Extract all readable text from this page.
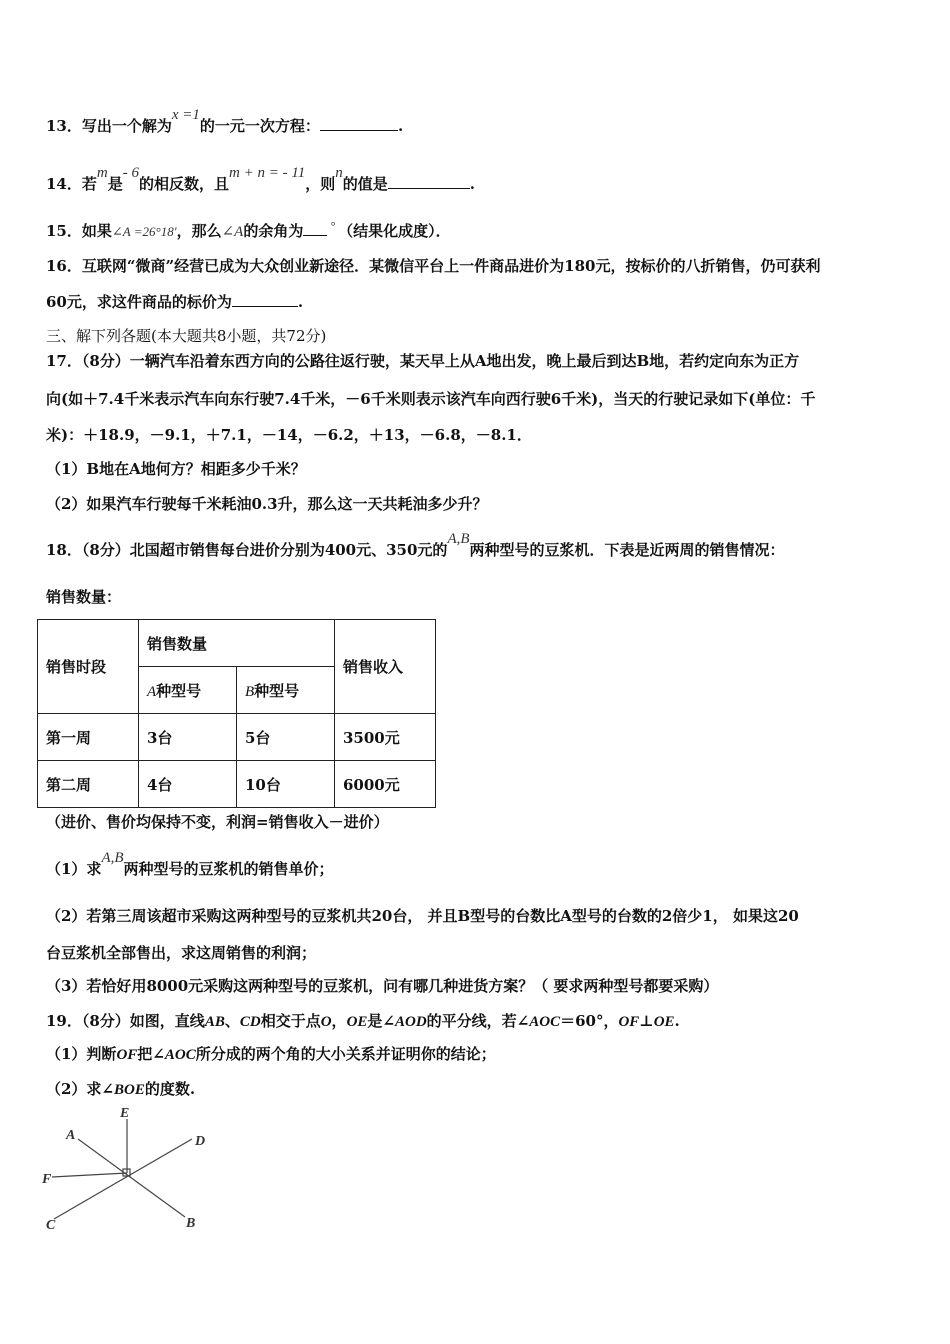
13．写出一个解为x =1的一元一次方程：	.
14．若m是- 6的相反数，且m + n = - 11，则n的值是	.
15．如果∠A =26°18′，那么∠A的余角为 ° （结果化成度）．
16．互联网“微商”经营已成为大众创业新途径．某微信平台上一件商品进价为180元，按标价的八折销售，仍可获利
60元，求这件商品的标价为	.
三、解下列各题(本大题共8小题，共72分)
17．（8分）一辆汽车沿着东西方向的公路往返行驶，某天早上从A地出发，晚上最后到达B地，若约定向东为正方
向(如＋7.4千米表示汽车向东行驶7.4千米，－6千米则表示该汽车向西行驶6千米)，当天的行驶记录如下(单位：千
米)：＋18.9，－9.1，＋7.1，－14，－6.2，＋13，－6.8，－8.1．
（1）B地在A地何方？相距多少千米？
（2）如果汽车行驶每千米耗油0.3升，那么这一天共耗油多少升？
18．（8分）北国超市销售每台进价分别为400元、350元的A,B两种型号的豆浆机．下表是近两周的销售情况：
销售数量：
销售时段	销售数量		销售收入
	A种型号	B种型号	
第一周	3台	5台	3500元
第二周	4台	10台	6000元
（进价、售价均保持不变，利润=销售收入－进价）
（1）求A,B两种型号的豆浆机的销售单价；
（2）若第三周该超市采购这两种型号的豆浆机共20台， 并且B型号的台数比A型号的台数的2倍少1， 如果这20
台豆浆机全部售出，求这周销售的利润；
（3）若恰好用8000元采购这两种型号的豆浆机，问有哪几种进货方案？（ 要求两种型号都要采购）
19．（8分）如图，直线AB、CD相交于点O，OE是∠AOD的平分线，若∠AOC＝60°，OF⊥OE.
（1）判断OF把∠AOC所分成的两个角的大小关系并证明你的结论；
（2）求∠BOE的度数.
E
A	D
F
C	B
